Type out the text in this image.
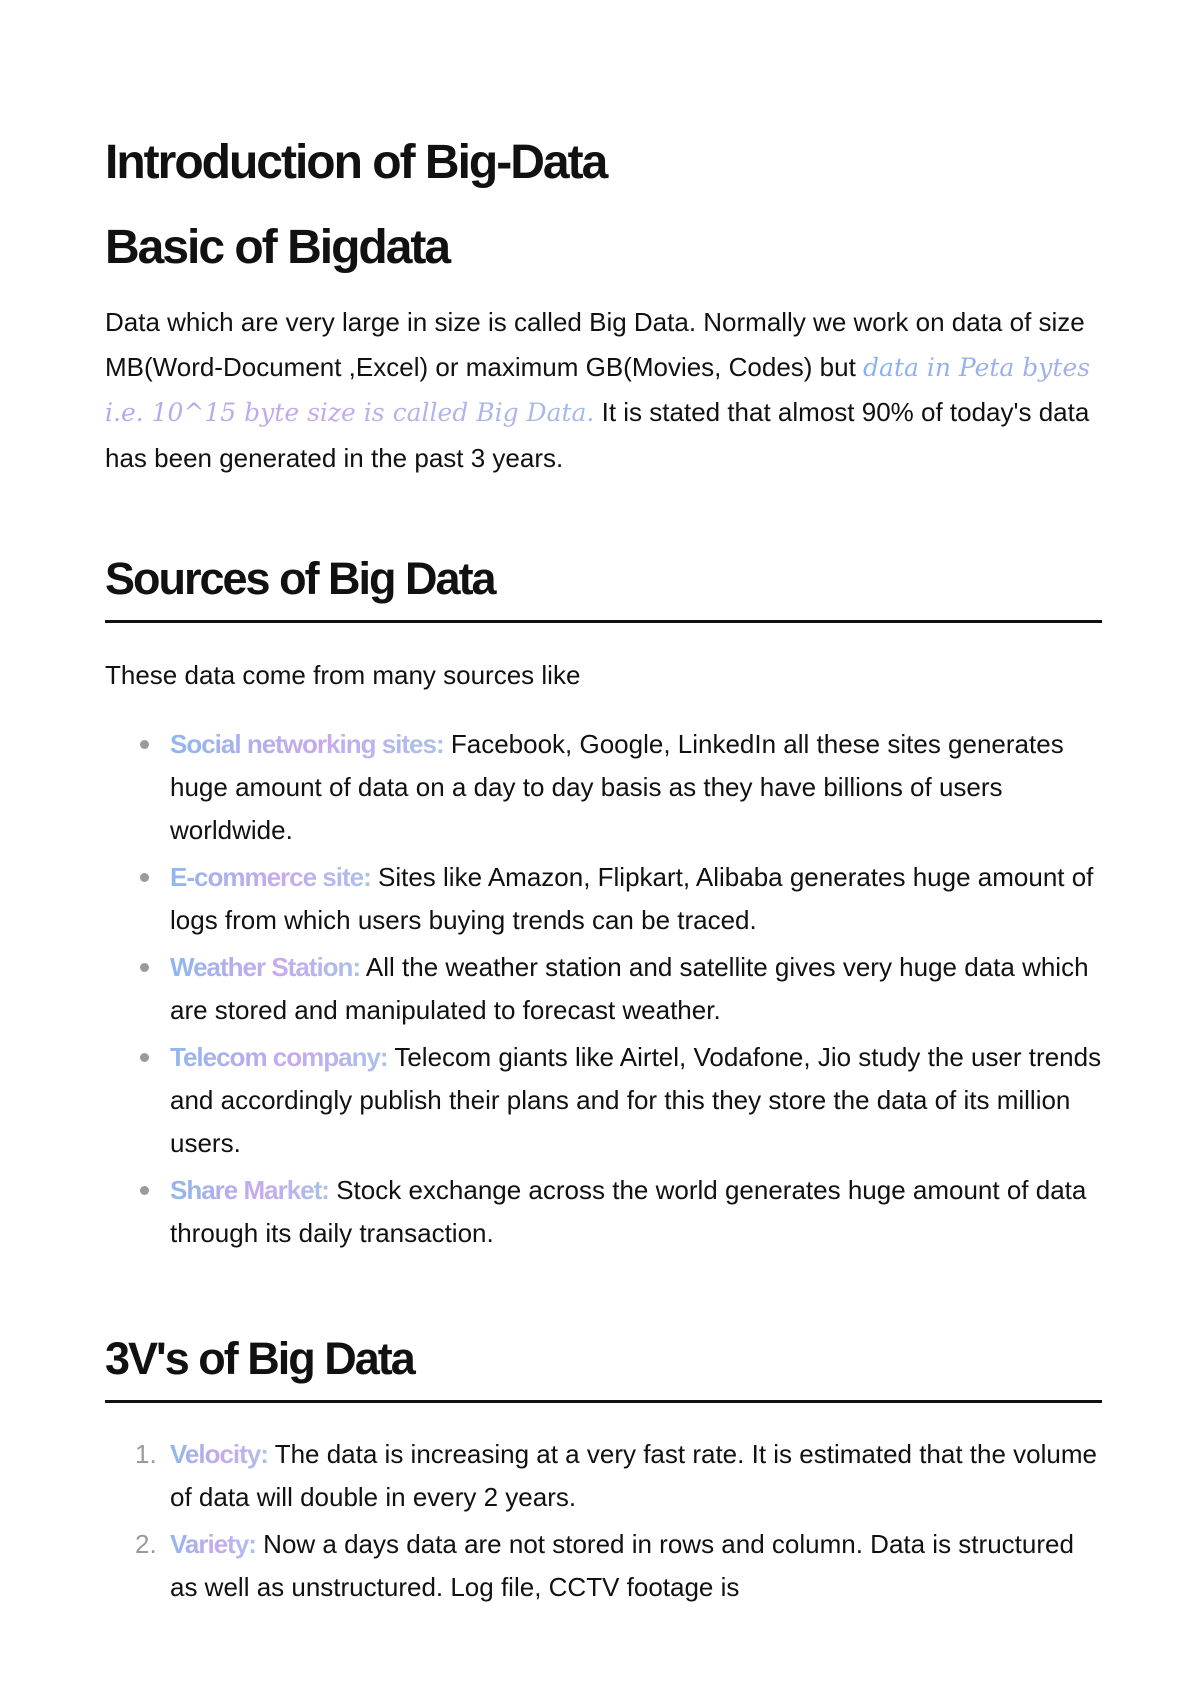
Introduction of Big-Data
Basic of Bigdata

Data which are very large in size is called Big Data. Normally we work on data of size MB(Word-Document ,Excel) or maximum GB(Movies, Codes) but data in Peta bytes i.e. 10^15 byte size is called Big Data. It is stated that almost 90% of today's data has been generated in the past 3 years.

Sources of Big Data

These data come from many sources like

Social networking sites: Facebook, Google, LinkedIn all these sites generates huge amount of data on a day to day basis as they have billions of users worldwide.
E-commerce site: Sites like Amazon, Flipkart, Alibaba generates huge amount of logs from which users buying trends can be traced.
Weather Station: All the weather station and satellite gives very huge data which are stored and manipulated to forecast weather.
Telecom company: Telecom giants like Airtel, Vodafone, Jio study the user trends and accordingly publish their plans and for this they store the data of its million users.
Share Market: Stock exchange across the world generates huge amount of data through its daily transaction.
3V's of Big Data
1. Velocity: The data is increasing at a very fast rate. It is estimated that the volume of data will double in every 2 years.
2. Variety: Now a days data are not stored in rows and column. Data is structured as well as unstructured. Log file, CCTV footage is
